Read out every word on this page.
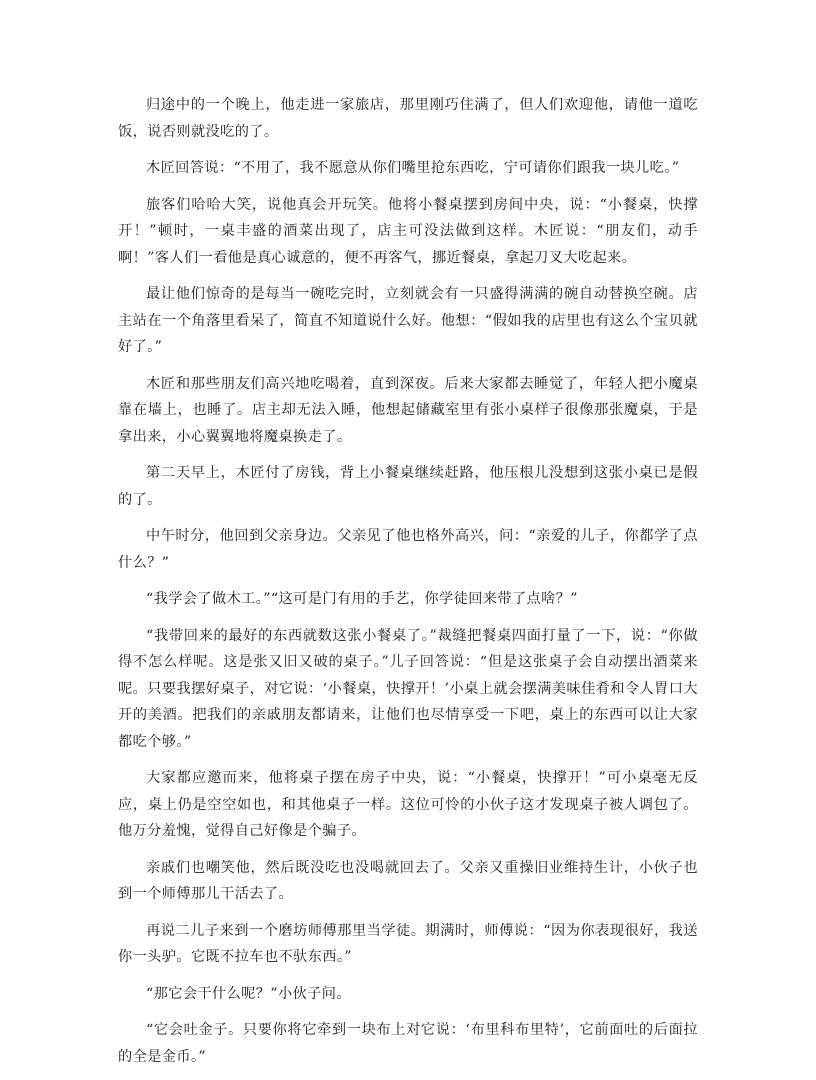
归途中的一个晚上，他走进一家旅店，那里刚巧住满了，但人们欢迎他，请他一道吃饭，说否则就没吃的了。

木匠回答说：“不用了，我不愿意从你们嘴里抢东西吃，宁可请你们跟我一块儿吃。”

旅客们哈哈大笑，说他真会开玩笑。他将小餐桌摆到房间中央，说：“小餐桌，快撑开！”顿时，一桌丰盛的酒菜出现了，店主可没法做到这样。木匠说：“朋友们，动手啊！”客人们一看他是真心诚意的，便不再客气，挪近餐桌，拿起刀叉大吃起来。

最让他们惊奇的是每当一碗吃完时，立刻就会有一只盛得满满的碗自动替换空碗。店主站在一个角落里看呆了，简直不知道说什么好。他想：“假如我的店里也有这么个宝贝就好了。”

木匠和那些朋友们高兴地吃喝着，直到深夜。后来大家都去睡觉了，年轻人把小魔桌靠在墙上，也睡了。店主却无法入睡，他想起储藏室里有张小桌样子很像那张魔桌，于是拿出来，小心翼翼地将魔桌换走了。

第二天早上，木匠付了房钱，背上小餐桌继续赶路，他压根儿没想到这张小桌已是假的了。

中午时分，他回到父亲身边。父亲见了他也格外高兴，问：“亲爱的儿子，你都学了点什么？”

“我学会了做木工。”“这可是门有用的手艺，你学徒回来带了点啥？”

“我带回来的最好的东西就数这张小餐桌了。”裁缝把餐桌四面打量了一下，说：“你做得不怎么样呢。这是张又旧又破的桌子。”儿子回答说：“但是这张桌子会自动摆出酒菜来呢。只要我摆好桌子，对它说：‘小餐桌，快撑开！’小桌上就会摆满美味佳肴和令人胃口大开的美酒。把我们的亲戚朋友都请来，让他们也尽情享受一下吧，桌上的东西可以让大家都吃个够。”

大家都应邀而来，他将桌子摆在房子中央，说：“小餐桌，快撑开！”可小桌毫无反应，桌上仍是空空如也，和其他桌子一样。这位可怜的小伙子这才发现桌子被人调包了。他万分羞愧，觉得自己好像是个骗子。

亲戚们也嘲笑他，然后既没吃也没喝就回去了。父亲又重操旧业维持生计，小伙子也到一个师傅那儿干活去了。

再说二儿子来到一个磨坊师傅那里当学徒。期满时，师傅说：“因为你表现很好，我送你一头驴。它既不拉车也不驮东西。”

“那它会干什么呢？”小伙子问。

“它会吐金子。只要你将它牵到一块布上对它说：‘布里科布里特’，它前面吐的后面拉的全是金币。”
